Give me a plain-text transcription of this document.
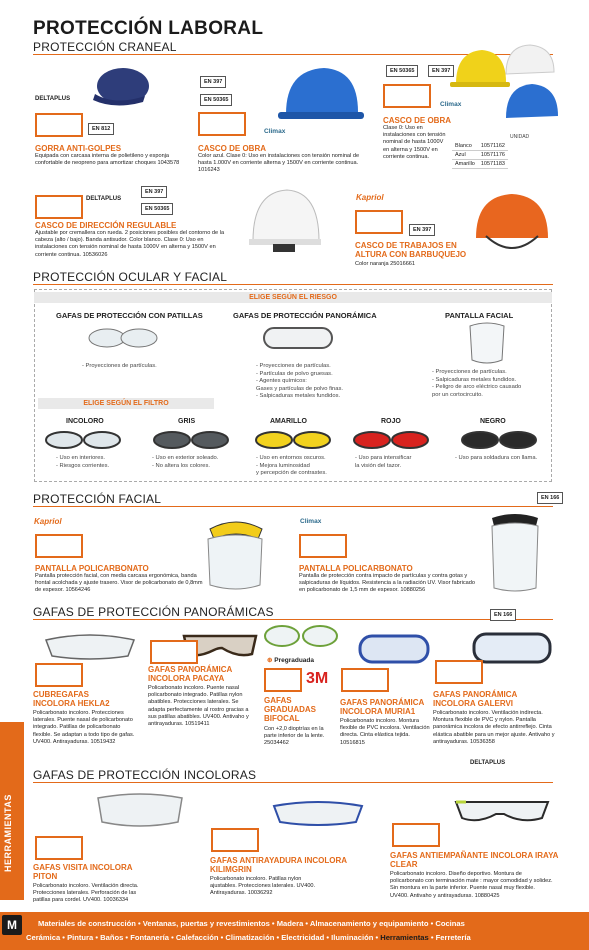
PROTECCIÓN LABORAL
PROTECCIÓN CRANEAL
DELTAPLUS
EN 812
GORRA ANTI-GOLPES
Equipada con carcasa interna de polietileno y esponja confortable de neopreno para amortizar choques 1043578
EN 397
EN 50365
Climax
CASCO DE OBRA
Color azul. Clase 0: Uso en instalaciones con tensión nominal de hasta 1.000V en corriente alterna y 1500V en corriente continua. 1016243
EN 50365	EN 397
Climax
CASCO DE OBRA
Clase 0: Uso en instalaciones con tensión nominal de hasta 1000V en alterna y 1500V en corriente continua.
UNIDAD
Blanco	10571162
Azul	10571176
Amarillo	10571183
DELTAPLUS
EN 397
EN 50365
CASCO DE DIRECCIÓN REGULABLE
Ajustable por cremallera con rueda. 2 posiciones posibles del contorno de la cabeza (alto / bajo). Banda antisudor. Color blanco. Clase 0: Uso en instalaciones con tensión nominal de hasta 1000V en alterna y 1500V en corriente continua. 10536026
Kapriol
EN 397
CASCO DE TRABAJOS EN ALTURA CON BARBUQUEJO
Color naranja 25016661
PROTECCIÓN OCULAR Y FACIAL
ELIGE SEGÚN EL RIESGO
GAFAS DE PROTECCIÓN CON PATILLAS
- Proyecciones de partículas.
GAFAS DE PROTECCIÓN PANORÁMICA
- Proyecciones de partículas.
- Partículas de polvo gruesas.
- Agentes químicos:
Gases y partículas de polvo finas.
- Salpicaduras metales fundidos.
PANTALLA FACIAL
- Proyecciones de partículas.
- Salpicaduras metales fundidos.
- Peligro de arco eléctrico causado
por un cortocircuito.
ELIGE SEGÚN EL FILTRO
INCOLORO	GRIS	AMARILLO	ROJO	NEGRO
- Uso en interiores.
- Riesgos corrientes.
- Uso en exterior soleado.
- No altera los colores.
- Uso en entornos oscuros.
- Mejora luminosidad
y percepción de contrastes.
- Uso para intensificar
la visión del tazor.
- Uso para soldadura con llama.
PROTECCIÓN FACIAL
Kapriol
PANTALLA POLICARBONATO
Pantalla protección facial, con media carcasa ergonómica, banda frontal acolchada y ajuste trasero. Visor de policarbonato de 0,8mm de espesor. 10564246
Climax
EN 166
PANTALLA POLICARBONATO
Pantalla de protección contra impacto de partículas y contra gotas y salpicaduras de líquidos. Resistencia a la radiación UV. Visor fabricado en policarbonato de 1,5 mm de espesor. 10880256
GAFAS DE PROTECCIÓN PANORÁMICAS
CUBREGAFAS INCOLORA HEKLA2
Policarbonato incoloro. Protecciones laterales. Puente nasal de policarbonato integrado. Patillas de policarbonato flexible. Se adaptan a todo tipo de gafas. UV400. Antirayaduras. 10519432
GAFAS PANORÁMICA INCOLORA PACAYA
Policarbonato incoloro. Puente nasal policarbonato integrado. Patillas nylon abatibles. Protecciones laterales. Se adapta perfectamente al rostro gracias a sus patillas abatibles. UV400. Antivaho y antirayaduras. 10519411
⊕ Pregraduada
3M
GAFAS GRADUADAS BIFOCAL
Con +2,0 dioptrías en la parte inferior de la lente. 25034462
GAFAS PANORÁMICA INCOLORA MURIA1
Policarbonato incoloro. Montura flexible de PVC incolora. Ventilación directa. Cinta elástica tejida. 10516815
EN 166
GAFAS PANORÁMICA INCOLORA GALERVI
Policarbonato incoloro. Ventilación indirecta. Montura flexible de PVC y nylon. Pantalla panorámica incolora de efecto antirreflejo. Cinta elástica abatible para un mejor ajuste. Antivaho y antirayaduras. 10536358
DELTAPLUS
GAFAS DE PROTECCIÓN INCOLORAS
GAFAS VISITA INCOLORA PITON
Policarbonato incoloro. Ventilación directa. Protecciones laterales. Perforación de las patillas para cordel. UV400. 10036334
GAFAS ANTIRAYADURA INCOLORA KILIMGRIN
Policarbonato incoloro. Patillas nylon ajustables. Protecciones laterales. UV400. Antirayaduras. 10036292
GAFAS ANTIEMPAÑANTE INCOLORA IRAYA CLEAR
Policarbonato incoloro. Diseño deportivo. Montura de policarbonato con terminación mate : mayor comodidad y solidez. Sin montura en la parte inferior. Puente nasal muy flexible. UV400. Antivaho y antirayaduras. 10880425
HERRAMIENTAS
M	Materiales de construcción • Ventanas, puertas y revestimientos • Madera • Almacenamiento y equipamiento • Cocinas
Cerámica • Pintura • Baños • Fontanería • Calefacción • Climatización • Electricidad • Iluminación • Herramientas • Ferretería
